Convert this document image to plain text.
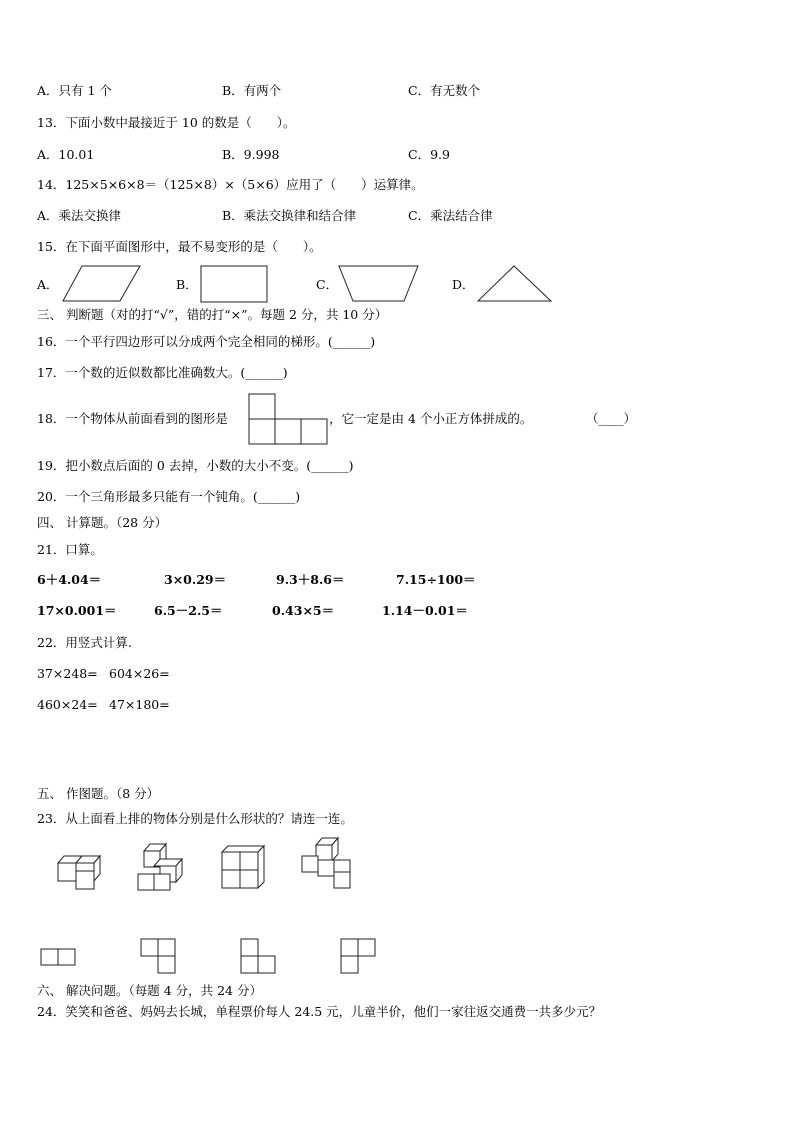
A．只有 1 个	B．有两个	C．有无数个
13．下面小数中最接近于 10 的数是（　　）。
A．10.01	B．9.998	C．9.9
14．125×5×6×8＝（125×8）×（5×6）应用了（　　）运算律。
A．乘法交换律	B．乘法交换律和结合律	C．乘法结合律
15．在下面平面图形中，最不易变形的是（　　）。
A．	B．	C．	D．
三、 判断题（对的打“√”，错的打“×”。每题 2 分，共 10 分）
16．一个平行四边形可以分成两个完全相同的梯形。(______)
17．一个数的近似数都比准确数大。(______)
18．一个物体从前面看到的图形是	，它一定是由 4 个小正方体拼成的。	（____）
19．把小数点后面的 0 去掉，小数的大小不变。(______)
20．一个三角形最多只能有一个钝角。(______)
四、 计算题。（28 分）
21．口算。
6＋4.04＝	3×0.29＝	9.3＋8.6＝	7.15÷100＝
17×0.001＝	6.5－2.5＝	0.43×5＝	1.14－0.01＝
22．用竖式计算.
37×248= 604×26=
460×24= 47×180=
五、 作图题。（8 分）
23．从上面看上排的物体分别是什么形状的？请连一连。
六、 解决问题。（每题 4 分，共 24 分）
24．笑笑和爸爸、妈妈去长城，单程票价每人 24.5 元，儿童半价，他们一家往返交通费一共多少元？
